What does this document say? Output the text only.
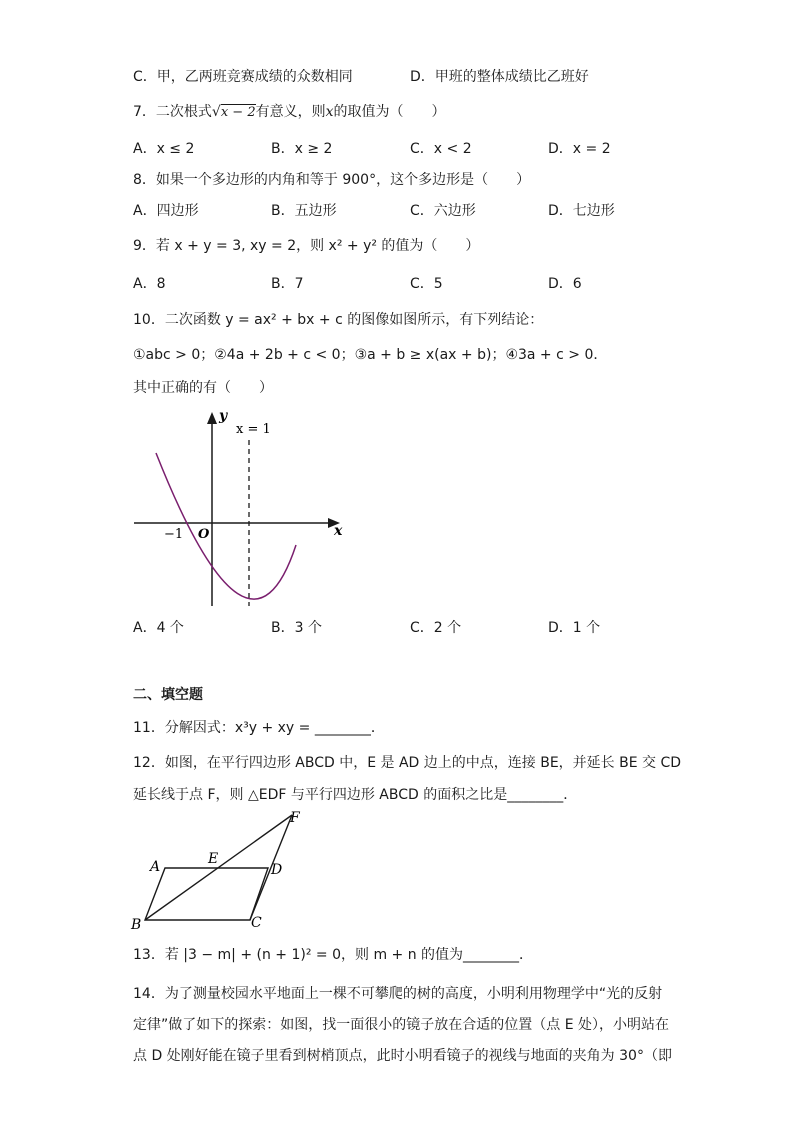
C．甲，乙两班竞赛成绩的众数相同	D．甲班的整体成绩比乙班好
7．二次根式√x − 2有意义，则x的取值为（　　）
A．x ≤ 2	B．x ≥ 2	C．x < 2	D．x = 2
8．如果一个多边形的内角和等于 900°，这个多边形是（　　）
A．四边形	B．五边形	C．六边形	D．七边形
9．若 x + y = 3, xy = 2，则 x² + y² 的值为（　　）
A．8	B．7	C．5	D．6
10．二次函数 y = ax² + bx + c 的图像如图所示，有下列结论：
①abc > 0；②4a + 2b + c < 0；③a + b ≥ x(ax + b)；④3a + c > 0．
其中正确的有（　　）
y
x
O
−1
x = 1
A．4 个	B．3 个	C．2 个	D．1 个
二、填空题
11．分解因式：x³y + xy = ________．
12．如图，在平行四边形 ABCD 中，E 是 AD 边上的中点，连接 BE，并延长 BE 交 CD
延长线于点 F，则 △EDF 与平行四边形 ABCD 的面积之比是________．
A	E
D
F
B	C
13．若 |3 − m| + (n + 1)² = 0，则 m + n 的值为________．
14．为了测量校园水平地面上一棵不可攀爬的树的高度，小明利用物理学中“光的反射
定律”做了如下的探索：如图，找一面很小的镜子放在合适的位置（点 E 处），小明站在
点 D 处刚好能在镜子里看到树梢顶点，此时小明看镜子的视线与地面的夹角为 30°（即
